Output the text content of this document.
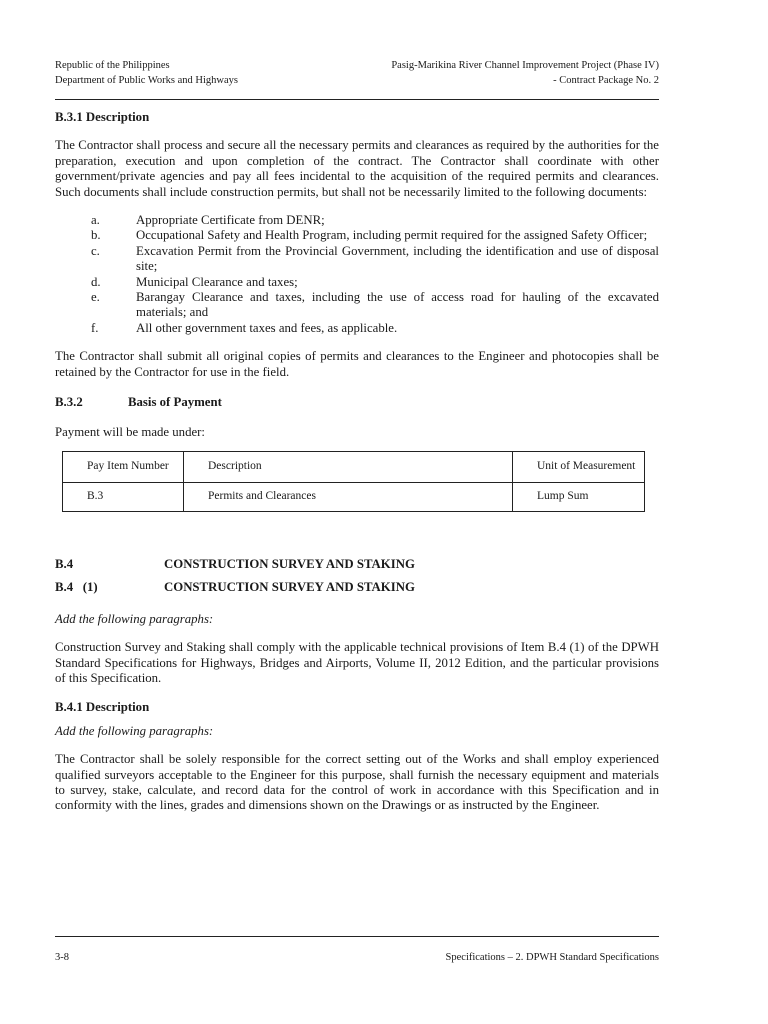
Republic of the Philippines
Department of Public Works and Highways
Pasig-Marikina River Channel Improvement Project (Phase IV)
- Contract Package No. 2

B.3.1 Description

The Contractor shall process and secure all the necessary permits and clearances as required by the authorities for the preparation, execution and upon completion of the contract. The Contractor shall coordinate with other government/private agencies and pay all fees incidental to the acquisition of the required permits and clearances. Such documents shall include construction permits, but shall not be necessarily limited to the following documents:

a.	Appropriate Certificate from DENR;
b.	Occupational Safety and Health Program, including permit required for the assigned Safety Officer;
c.	Excavation Permit from the Provincial Government, including the identification and use of disposal site;
d.	Municipal Clearance and taxes;
e.	Barangay Clearance and taxes, including the use of access road for hauling of the excavated materials; and
f.	All other government taxes and fees, as applicable.

The Contractor shall submit all original copies of permits and clearances to the Engineer and photocopies shall be retained by the Contractor for use in the field.

B.3.2	Basis of Payment

Payment will be made under:

Pay Item Number	Description	Unit of Measurement
B.3	Permits and Clearances	Lump Sum
B.4	CONSTRUCTION SURVEY AND STAKING
B.4   (1)	CONSTRUCTION SURVEY AND STAKING

Add the following paragraphs:

Construction Survey and Staking shall comply with the applicable technical provisions of Item B.4 (1) of the DPWH Standard Specifications for Highways, Bridges and Airports, Volume II, 2012 Edition, and the particular provisions of this Specification.

B.4.1 Description

Add the following paragraphs:

The Contractor shall be solely responsible for the correct setting out of the Works and shall employ experienced qualified surveyors acceptable to the Engineer for this purpose, shall furnish the necessary equipment and materials to survey, stake, calculate, and record data for the control of work in accordance with this Specification and in conformity with the lines, grades and dimensions shown on the Drawings or as instructed by the Engineer.

3-8	Specifications – 2. DPWH Standard Specifications
